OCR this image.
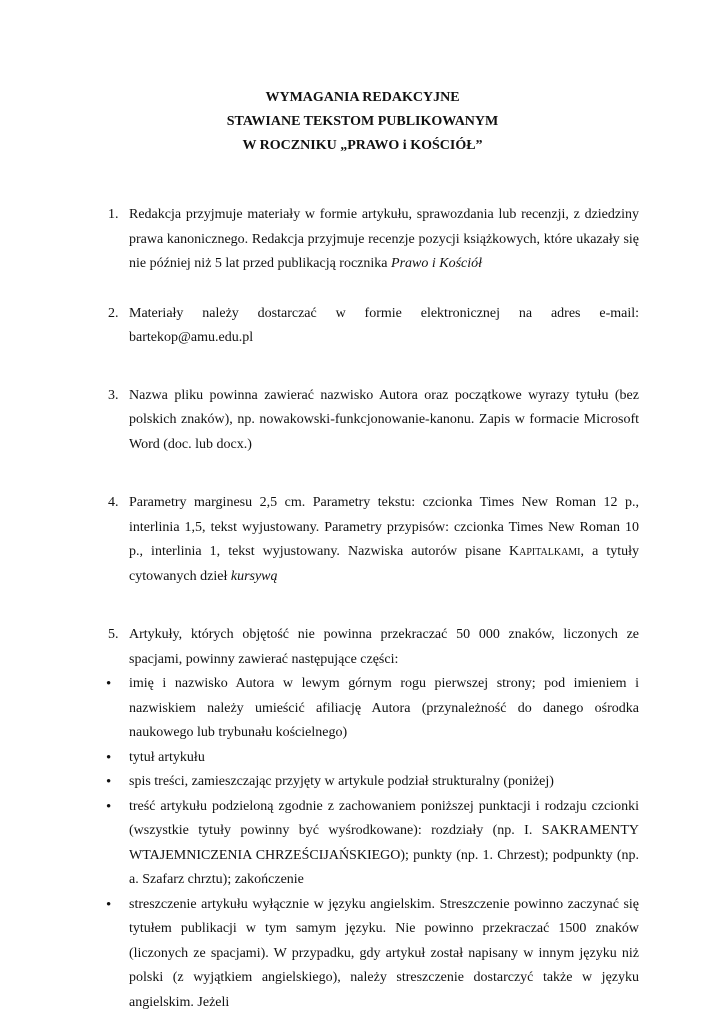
WYMAGANIA REDAKCYJNE
STAWIANE TEKSTOM PUBLIKOWANYM
W ROCZNIKU „PRAWO i KOŚCIÓŁ”
1. Redakcja przyjmuje materiały w formie artykułu, sprawozdania lub recenzji, z dziedziny prawa kanonicznego. Redakcja przyjmuje recenzje pozycji książkowych, które ukazały się nie później niż 5 lat przed publikacją rocznika Prawo i Kościół
2. Materiały należy dostarczać w formie elektronicznej na adres e-mail: bartekop@amu.edu.pl
3. Nazwa pliku powinna zawierać nazwisko Autora oraz początkowe wyrazy tytułu (bez polskich znaków), np. nowakowski-funkcjonowanie-kanonu. Zapis w formacie Microsoft Word (doc. lub docx.)
4. Parametry marginesu 2,5 cm. Parametry tekstu: czcionka Times New Roman 12 p., interlinia 1,5, tekst wyjustowany. Parametry przypisów: czcionka Times New Roman 10 p., interlinia 1, tekst wyjustowany. Nazwiska autorów pisane Kapitalkami, a tytuły cytowanych dzieł kursywą
5. Artykuły, których objętość nie powinna przekraczać 50 000 znaków, liczonych ze spacjami, powinny zawierać następujące części:
• imię i nazwisko Autora w lewym górnym rogu pierwszej strony; pod imieniem i nazwiskiem należy umieścić afiliację Autora (przynależność do danego ośrodka naukowego lub trybunału kościelnego)
• tytuł artykułu
• spis treści, zamieszczając przyjęty w artykule podział strukturalny (poniżej)
• treść artykułu podzieloną zgodnie z zachowaniem poniższej punktacji i rodzaju czcionki (wszystkie tytuły powinny być wyśrodkowane): rozdziały (np. I. SAKRAMENTY WTAJEMNICZENIA CHRZEŚCIJAŃSKIEGO); punkty (np. 1. Chrzest); podpunkty (np. a. Szafarz chrztu); zakończenie
• streszczenie artykułu wyłącznie w języku angielskim. Streszczenie powinno zaczynać się tytułem publikacji w tym samym języku. Nie powinno przekraczać 1500 znaków (liczonych ze spacjami). W przypadku, gdy artykuł został napisany w innym języku niż polski (z wyjątkiem angielskiego), należy streszczenie dostarczyć także w języku angielskim. Jeżeli
